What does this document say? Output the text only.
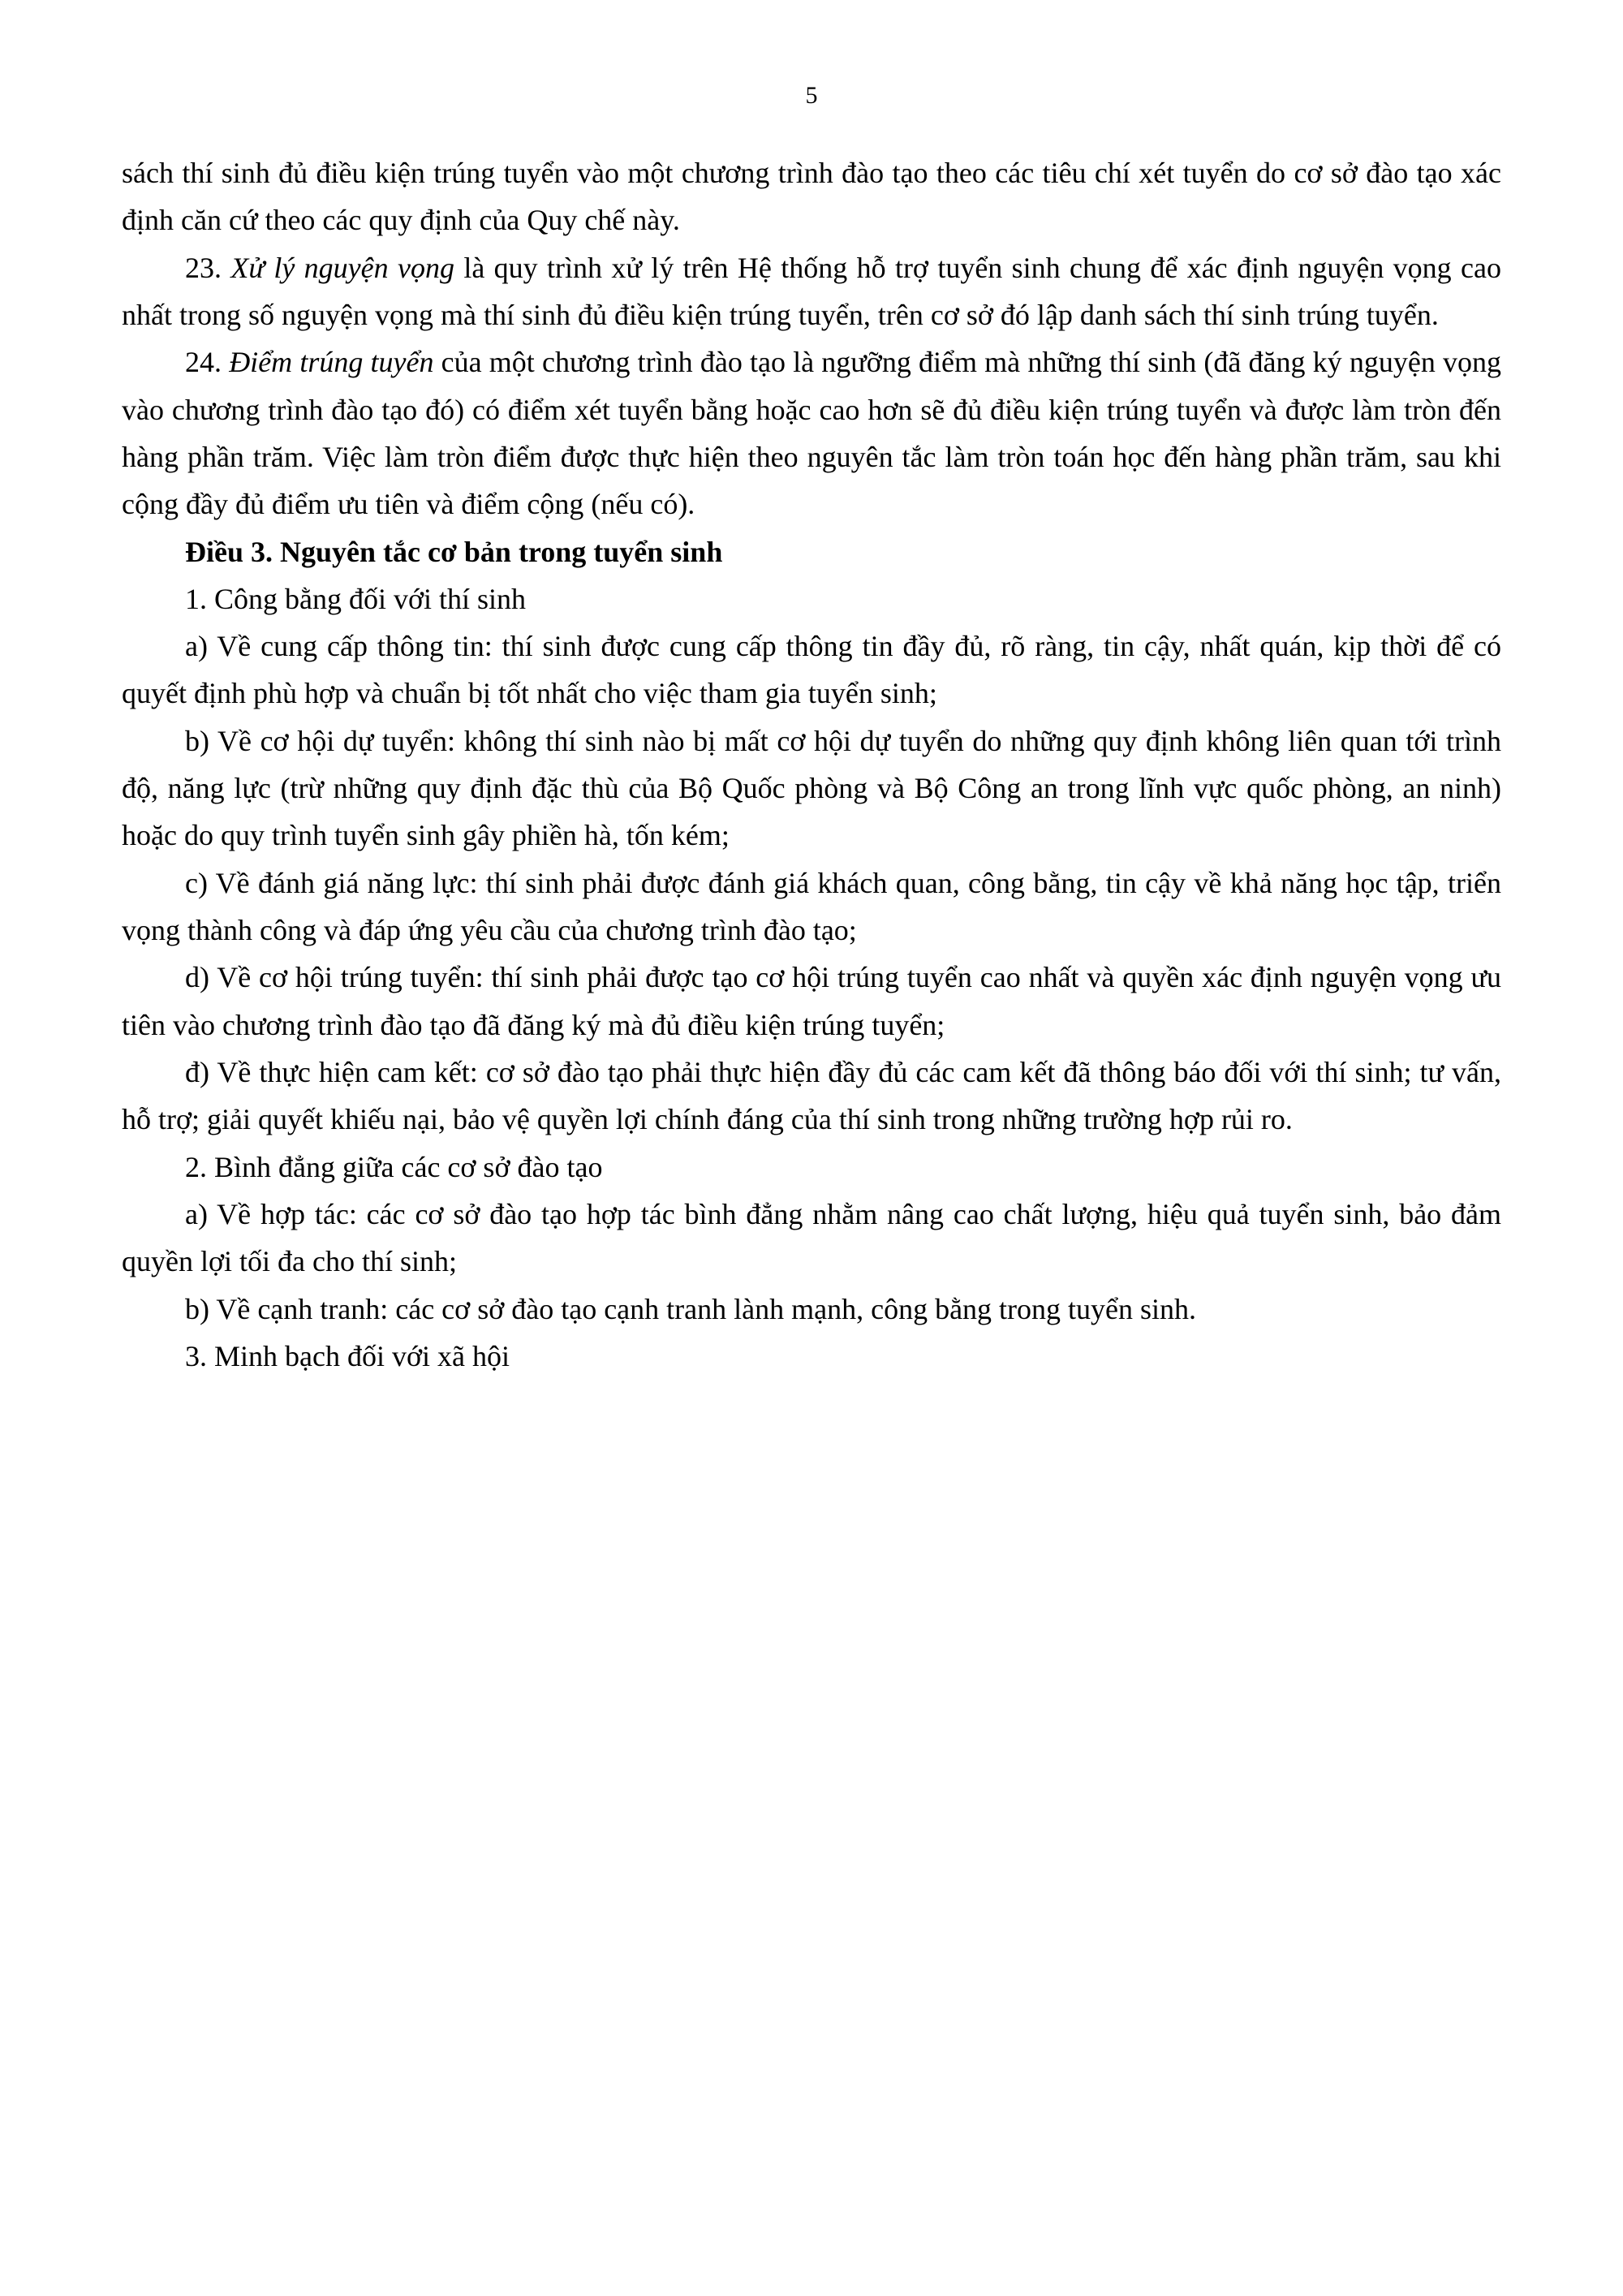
5

sách thí sinh đủ điều kiện trúng tuyển vào một chương trình đào tạo theo các tiêu chí xét tuyển do cơ sở đào tạo xác định căn cứ theo các quy định của Quy chế này.

23. Xử lý nguyện vọng là quy trình xử lý trên Hệ thống hỗ trợ tuyển sinh chung để xác định nguyện vọng cao nhất trong số nguyện vọng mà thí sinh đủ điều kiện trúng tuyển, trên cơ sở đó lập danh sách thí sinh trúng tuyển.

24. Điểm trúng tuyển của một chương trình đào tạo là ngưỡng điểm mà những thí sinh (đã đăng ký nguyện vọng vào chương trình đào tạo đó) có điểm xét tuyển bằng hoặc cao hơn sẽ đủ điều kiện trúng tuyển và được làm tròn đến hàng phần trăm. Việc làm tròn điểm được thực hiện theo nguyên tắc làm tròn toán học đến hàng phần trăm, sau khi cộng đầy đủ điểm ưu tiên và điểm cộng (nếu có).

Điều 3. Nguyên tắc cơ bản trong tuyển sinh

1. Công bằng đối với thí sinh

a) Về cung cấp thông tin: thí sinh được cung cấp thông tin đầy đủ, rõ ràng, tin cậy, nhất quán, kịp thời để có quyết định phù hợp và chuẩn bị tốt nhất cho việc tham gia tuyển sinh;

b) Về cơ hội dự tuyển: không thí sinh nào bị mất cơ hội dự tuyển do những quy định không liên quan tới trình độ, năng lực (trừ những quy định đặc thù của Bộ Quốc phòng và Bộ Công an trong lĩnh vực quốc phòng, an ninh) hoặc do quy trình tuyển sinh gây phiền hà, tốn kém;

c) Về đánh giá năng lực: thí sinh phải được đánh giá khách quan, công bằng, tin cậy về khả năng học tập, triển vọng thành công và đáp ứng yêu cầu của chương trình đào tạo;

d) Về cơ hội trúng tuyển: thí sinh phải được tạo cơ hội trúng tuyển cao nhất và quyền xác định nguyện vọng ưu tiên vào chương trình đào tạo đã đăng ký mà đủ điều kiện trúng tuyển;

đ) Về thực hiện cam kết: cơ sở đào tạo phải thực hiện đầy đủ các cam kết đã thông báo đối với thí sinh; tư vấn, hỗ trợ; giải quyết khiếu nại, bảo vệ quyền lợi chính đáng của thí sinh trong những trường hợp rủi ro.

2. Bình đẳng giữa các cơ sở đào tạo

a) Về hợp tác: các cơ sở đào tạo hợp tác bình đẳng nhằm nâng cao chất lượng, hiệu quả tuyển sinh, bảo đảm quyền lợi tối đa cho thí sinh;

b) Về cạnh tranh: các cơ sở đào tạo cạnh tranh lành mạnh, công bằng trong tuyển sinh.

3. Minh bạch đối với xã hội
